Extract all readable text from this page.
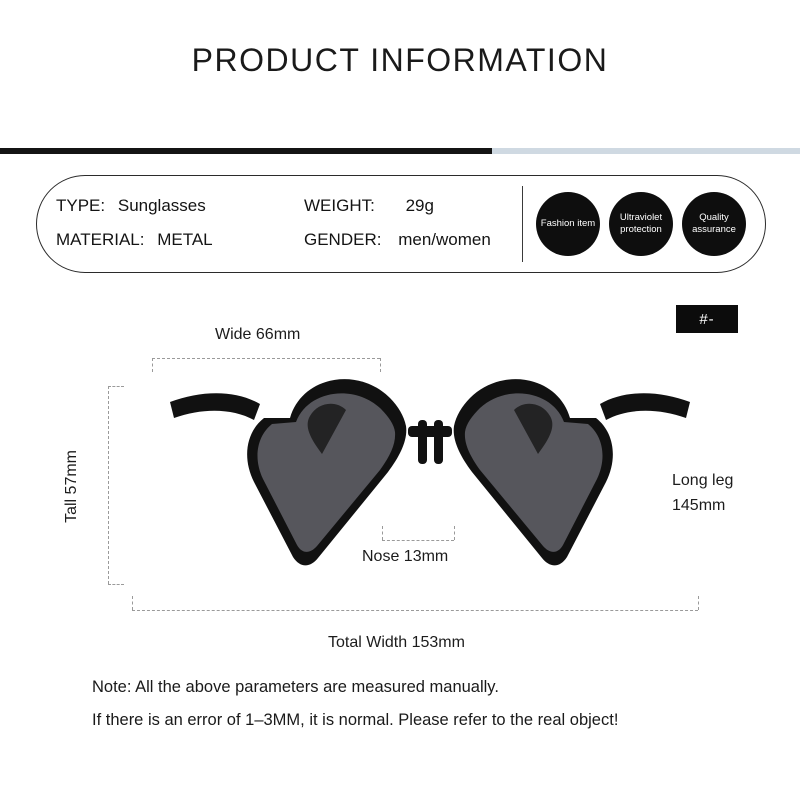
PRODUCT INFORMATION
TYPE: Sunglasses	WEIGHT: 29g
MATERIAL: METAL	GENDER: men/women
Fashion item
Ultraviolet protection
Quality assurance
#-
Wide 66mm
Tall 57mm
Nose 13mm
Total Width 153mm
Long leg 145mm
Note: All the above parameters are measured manually.
If there is an error of 1–3MM, it is normal. Please refer to the real object!
